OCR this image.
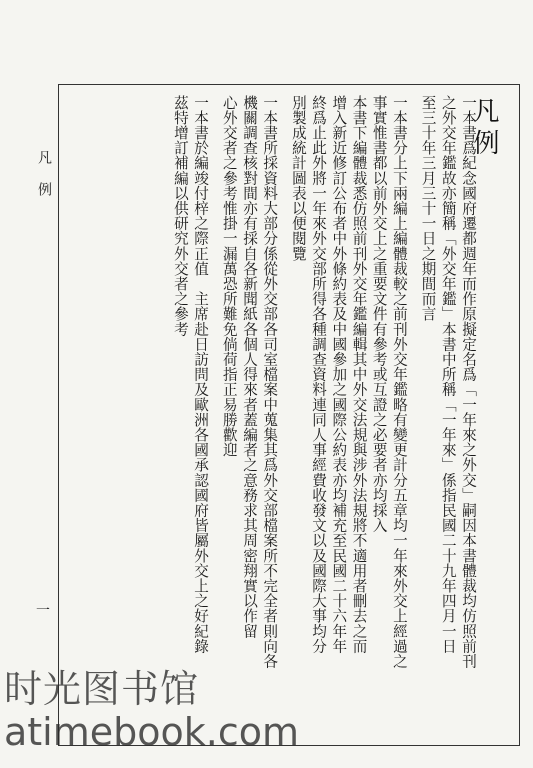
凡例
一本書爲紀念國府遷都週年而作原擬定名爲「一年來之外交」嗣因本書體裁均仿照前刊
之外交年鑑故亦簡稱「外交年鑑」本書中所稱「一年來」係指民國二十九年四月一日
至三十年三月三十一日之期間而言
一本書分上下兩編上編體裁較之前刊外交年鑑略有變更計分五章均一年來外交上經過之
事實惟書都以前外交上之重要文件有參考或互證之必要者亦均採入
本書下編體裁悉仿照前刊外交年鑑編輯其中外交法規與涉外法規將不適用者刪去之而
增入新近修訂公布者中外條約表及中國參加之國際公約表亦均補充至民國二十六年年
終爲止此外將一年來外交部所得各種調查資料連同人事經費收發文以及國際大事均分
別製成統計圖表以便閱覽
一本書所採資料大部分係從外交部各司室檔案中蒐集其爲外交部檔案所不完全者則向各
機關調查核對間亦有採自各新聞紙各個人得來者蓋編者之意務求其周密翔實以作留
心外交者之參考惟掛一漏萬恐所難免倘荷指正易勝歡迎
一本書於編竣付梓之際正值　主席赴日訪問及歐洲各國承認國府皆屬外交上之好紀錄
茲特增訂補編以供研究外交者之參考
凡例
一
时光图书馆
atimebook.com
